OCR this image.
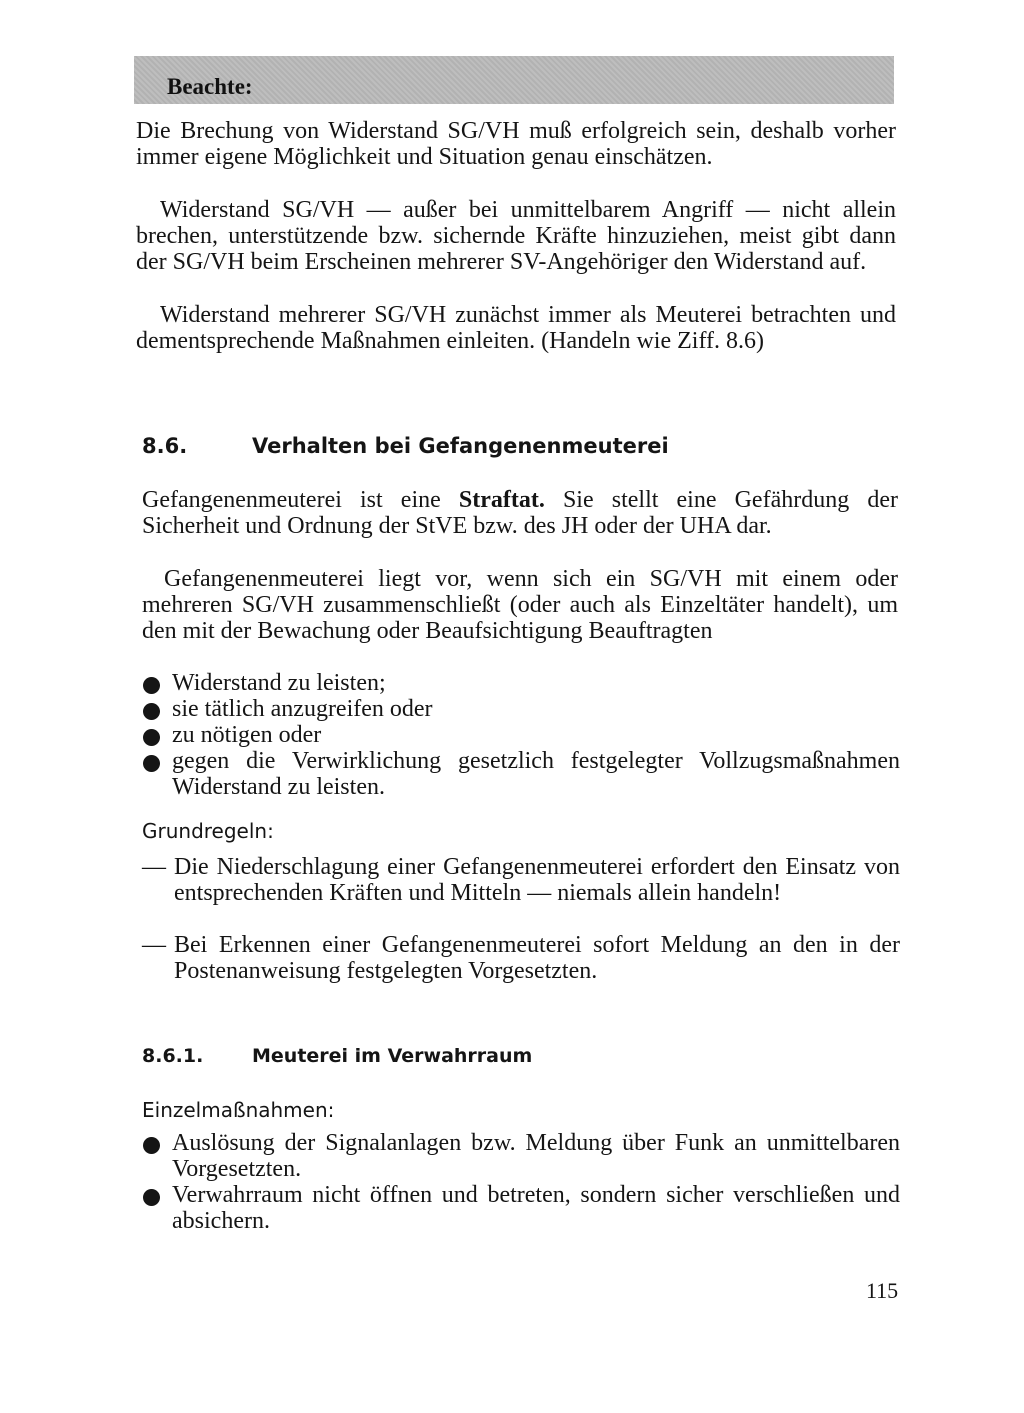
Beachte:

Die Brechung von Widerstand SG/VH muß erfolgreich sein, deshalb vorher immer eigene Möglichkeit und Situation genau einschätzen.

Widerstand SG/VH — außer bei unmittelbarem Angriff — nicht allein brechen, unterstützende bzw. sichernde Kräfte hinzuziehen, meist gibt dann der SG/VH beim Erscheinen mehrerer SV-Angehöriger den Widerstand auf.

Widerstand mehrerer SG/VH zunächst immer als Meuterei betrachten und dementsprechende Maßnahmen einleiten. (Handeln wie Ziff. 8.6)

8.6.	Verhalten bei Gefangenenmeuterei

Gefangenenmeuterei ist eine Straftat. Sie stellt eine Gefährdung der Sicherheit und Ordnung der StVE bzw. des JH oder der UHA dar.

Gefangenenmeuterei liegt vor, wenn sich ein SG/VH mit einem oder mehreren SG/VH zusammenschließt (oder auch als Einzeltäter handelt), um den mit der Bewachung oder Beaufsichtigung Beauftragten

Widerstand zu leisten;

sie tätlich anzugreifen oder

zu nötigen oder

gegen die Verwirklichung gesetzlich festgelegter Vollzugsmaßnahmen Widerstand zu leisten.

Grundregeln:

— Die Niederschlagung einer Gefangenenmeuterei erfordert den Einsatz von entsprechenden Kräften und Mitteln — niemals allein handeln!

— Bei Erkennen einer Gefangenenmeuterei sofort Meldung an den in der Postenanweisung festgelegten Vorgesetzten.

8.6.1.	Meuterei im Verwahrraum

Einzelmaßnahmen:

Auslösung der Signalanlagen bzw. Meldung über Funk an unmittelbaren Vorgesetzten.

Verwahrraum nicht öffnen und betreten, sondern sicher verschließen und absichern.

115
